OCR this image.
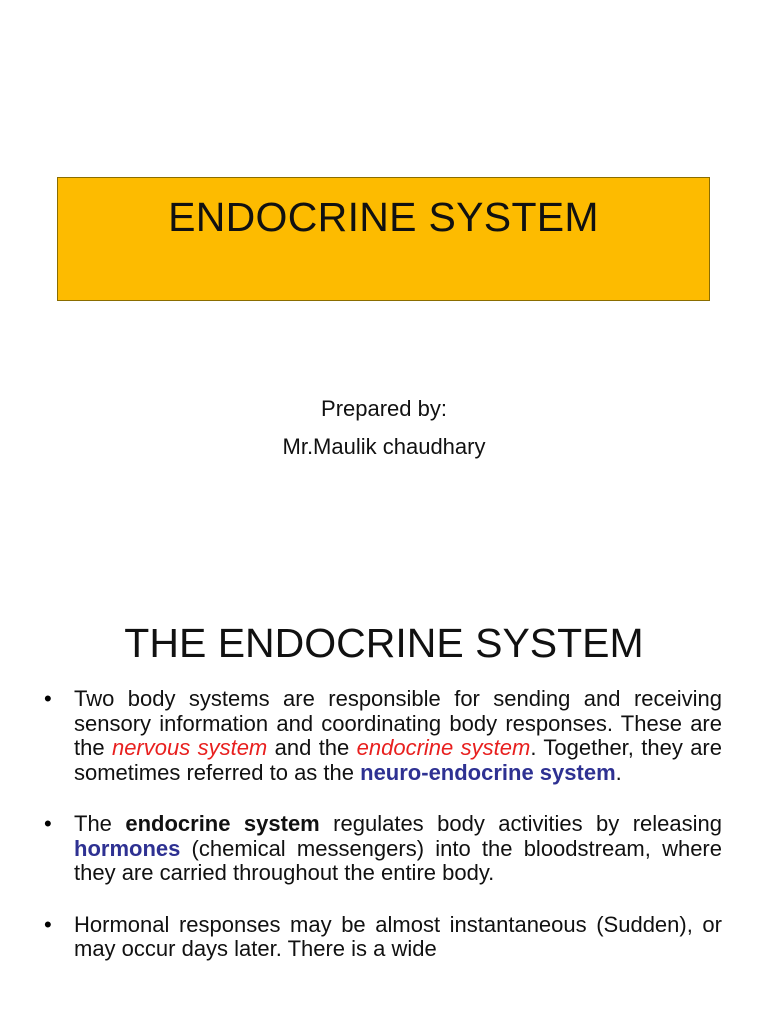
ENDOCRINE SYSTEM
Prepared by:
Mr.Maulik chaudhary
THE ENDOCRINE SYSTEM
• Two body systems are responsible for sending and receiving sensory information and coordinating body responses. These are the nervous system and the endocrine system. Together, they are sometimes referred to as the neuro-endocrine system.
• The endocrine system regulates body activities by releasing hormones (chemical messengers) into the bloodstream, where they are carried throughout the entire body.
• Hormonal responses may be almost instantaneous (Sudden), or may occur days later. There is a wide
